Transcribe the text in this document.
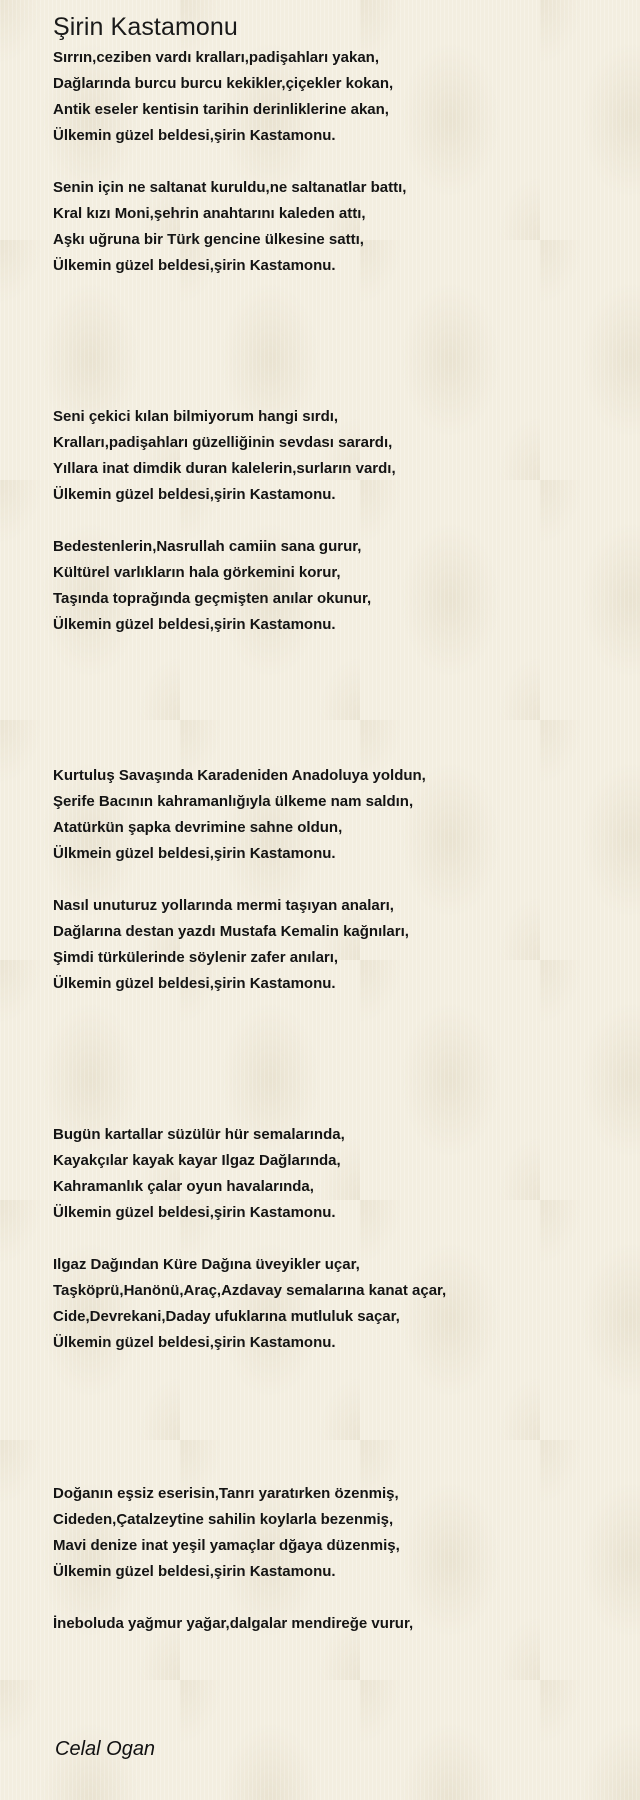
Şirin Kastamonu
Sırrın,ceziben vardı kralları,padişahları yakan,
Dağlarında burcu burcu kekikler,çiçekler kokan,
Antik eseler kentisin tarihin derinliklerine akan,
Ülkemin güzel beldesi,şirin Kastamonu.
Senin için ne saltanat kuruldu,ne saltanatlar battı,
Kral kızı Moni,şehrin anahtarını kaleden attı,
Aşkı uğruna bir Türk gencine ülkesine sattı,
Ülkemin güzel beldesi,şirin Kastamonu.
Seni çekici kılan bilmiyorum hangi sırdı,
Kralları,padişahları güzelliğinin sevdası sarardı,
Yıllara inat dimdik duran kalelerin,surların vardı,
Ülkemin güzel beldesi,şirin Kastamonu.
Bedestenlerin,Nasrullah camiin sana gurur,
Kültürel varlıkların hala görkemini korur,
Taşında toprağında geçmişten anılar okunur,
Ülkemin güzel beldesi,şirin Kastamonu.
Kurtuluş Savaşında Karadeniden Anadoluya yoldun,
Şerife Bacının kahramanlığıyla ülkeme nam saldın,
Atatürkün şapka devrimine sahne oldun,
Ülkmein güzel beldesi,şirin Kastamonu.
Nasıl unuturuz yollarında mermi taşıyan anaları,
Dağlarına destan yazdı Mustafa Kemalin kağnıları,
Şimdi türkülerinde söylenir zafer anıları,
Ülkemin güzel beldesi,şirin Kastamonu.
Bugün kartallar süzülür hür semalarında,
Kayakçılar kayak kayar Ilgaz Dağlarında,
Kahramanlık çalar oyun havalarında,
Ülkemin güzel beldesi,şirin Kastamonu.
Ilgaz Dağından Küre Dağına üveyikler uçar,
Taşköprü,Hanönü,Araç,Azdavay semalarına kanat açar,
Cide,Devrekani,Daday ufuklarına mutluluk saçar,
Ülkemin güzel beldesi,şirin Kastamonu.
Doğanın eşsiz eserisin,Tanrı yaratırken özenmiş,
Cideden,Çatalzeytine sahilin koylarla bezenmiş,
Mavi denize inat yeşil yamaçlar dğaya düzenmiş,
Ülkemin güzel beldesi,şirin Kastamonu.
İneboluda yağmur yağar,dalgalar mendireğe vurur,
Celal Ogan
